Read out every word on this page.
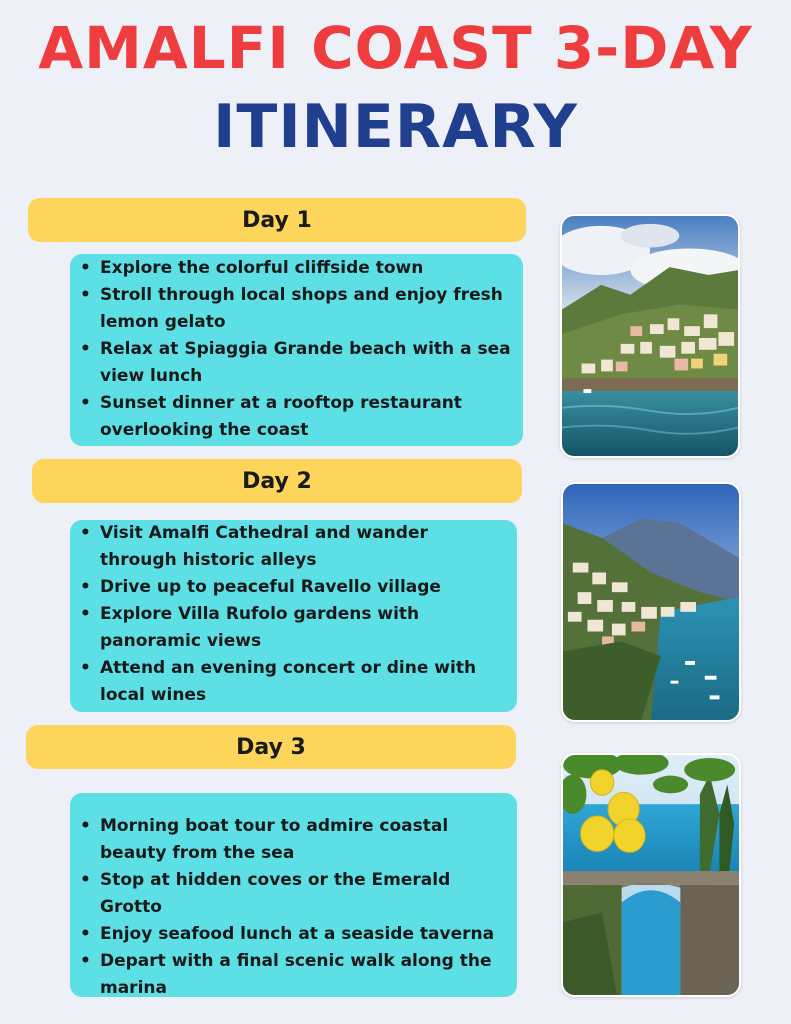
AMALFI COAST 3-DAY
ITINERARY
Day 1
• Explore the colorful cliffside town
• Stroll through local shops and enjoy fresh lemon gelato
• Relax at Spiaggia Grande beach with a sea view lunch
• Sunset dinner at a rooftop restaurant overlooking the coast
Day 2
• Visit Amalfi Cathedral and wander through historic alleys
• Drive up to peaceful Ravello village
• Explore Villa Rufolo gardens with panoramic views
• Attend an evening concert or dine with local wines
Day 3
• Morning boat tour to admire coastal beauty from the sea
• Stop at hidden coves or the Emerald Grotto
• Enjoy seafood lunch at a seaside taverna
• Depart with a final scenic walk along the marina
